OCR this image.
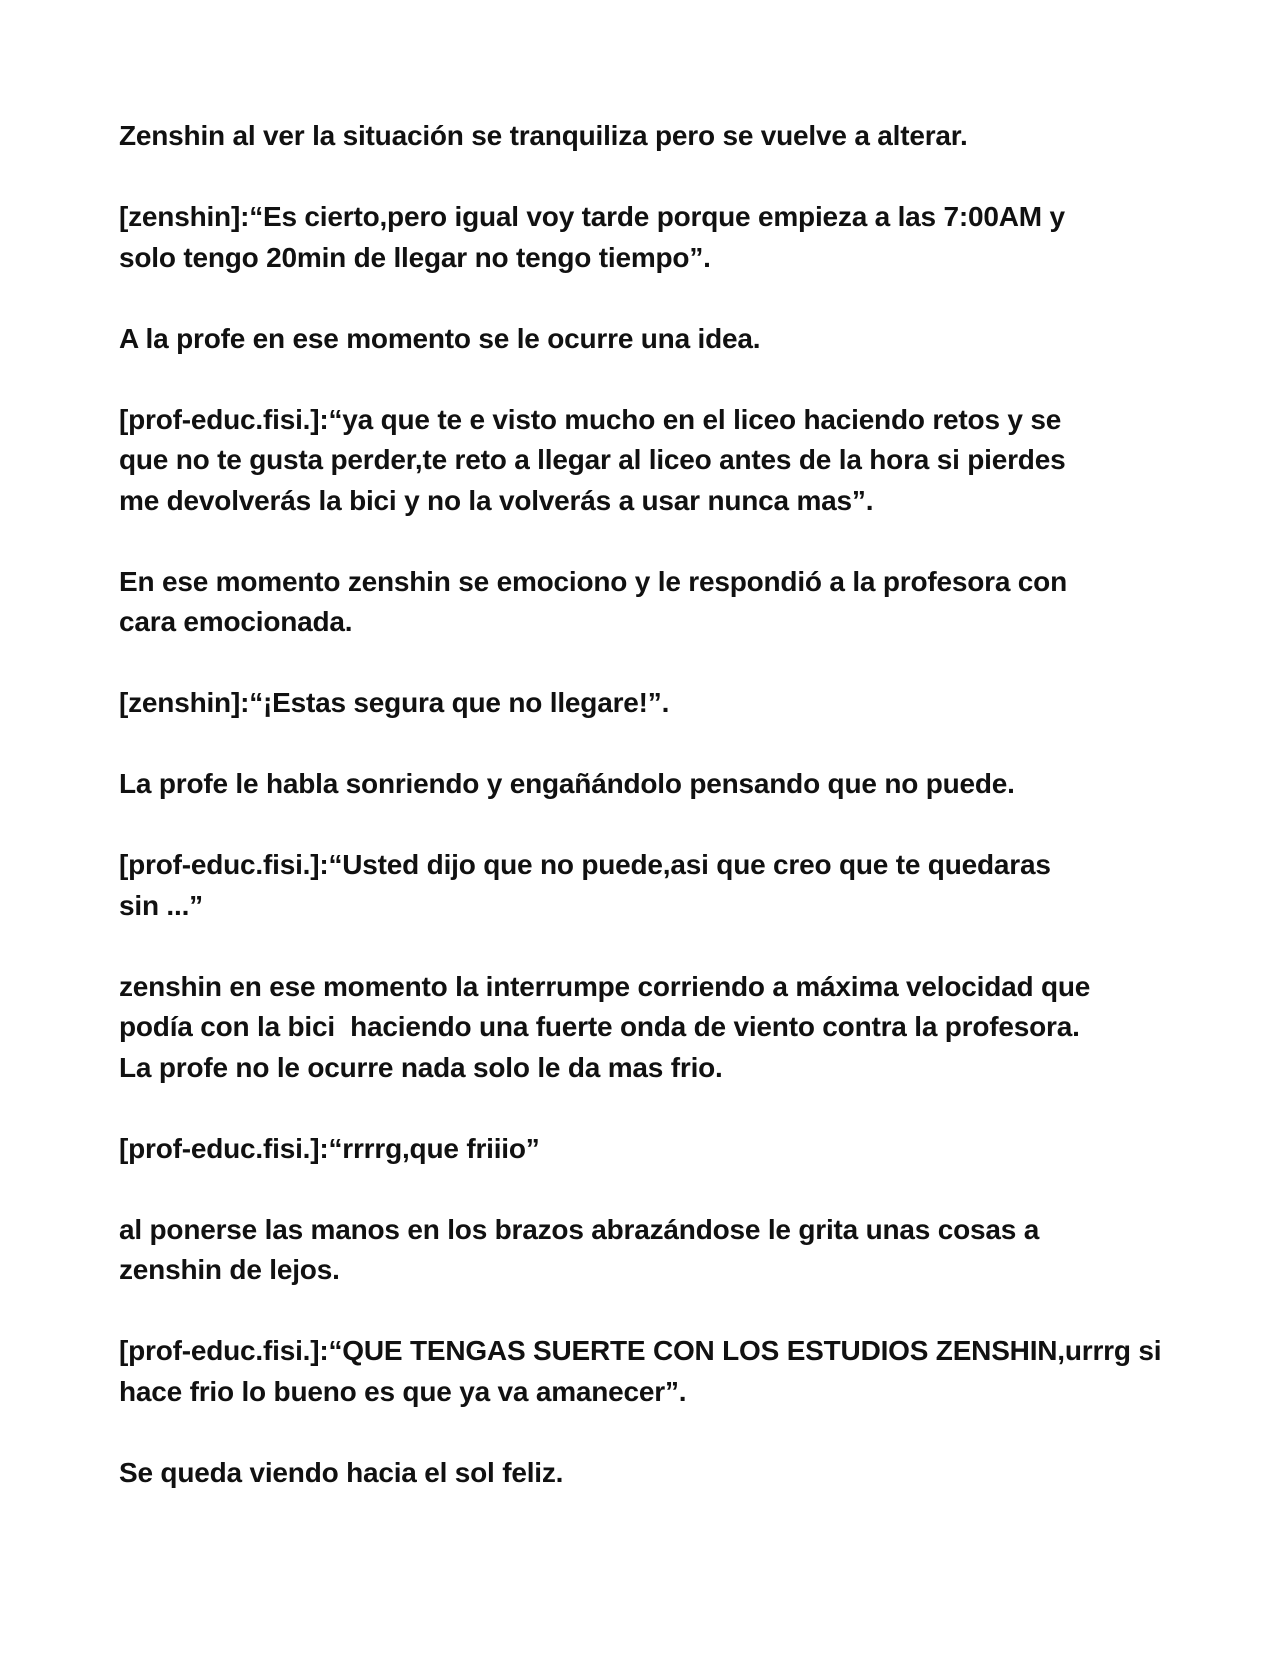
Zenshin al ver la situación se tranquiliza pero se vuelve a alterar.

[zenshin]:“Es cierto,pero igual voy tarde porque empieza a las 7:00AM y
solo tengo 20min de llegar no tengo tiempo”.

A la profe en ese momento se le ocurre una idea.

[prof-educ.fisi.]:“ya que te e visto mucho en el liceo haciendo retos y se
que no te gusta perder,te reto a llegar al liceo antes de la hora si pierdes
me devolverás la bici y no la volverás a usar nunca mas”.

En ese momento zenshin se emociono y le respondió a la profesora con
cara emocionada.

[zenshin]:“¡Estas segura que no llegare!”.

La profe le habla sonriendo y engañándolo pensando que no puede.

[prof-educ.fisi.]:“Usted dijo que no puede,asi que creo que te quedaras
sin ...”

zenshin en ese momento la interrumpe corriendo a máxima velocidad que
podía con la bici  haciendo una fuerte onda de viento contra la profesora.
La profe no le ocurre nada solo le da mas frio.

[prof-educ.fisi.]:“rrrrg,que friiio”

al ponerse las manos en los brazos abrazándose le grita unas cosas a
zenshin de lejos.

[prof-educ.fisi.]:“QUE TENGAS SUERTE CON LOS ESTUDIOS ZENSHIN,urrrg si
hace frio lo bueno es que ya va amanecer”.

Se queda viendo hacia el sol feliz.
